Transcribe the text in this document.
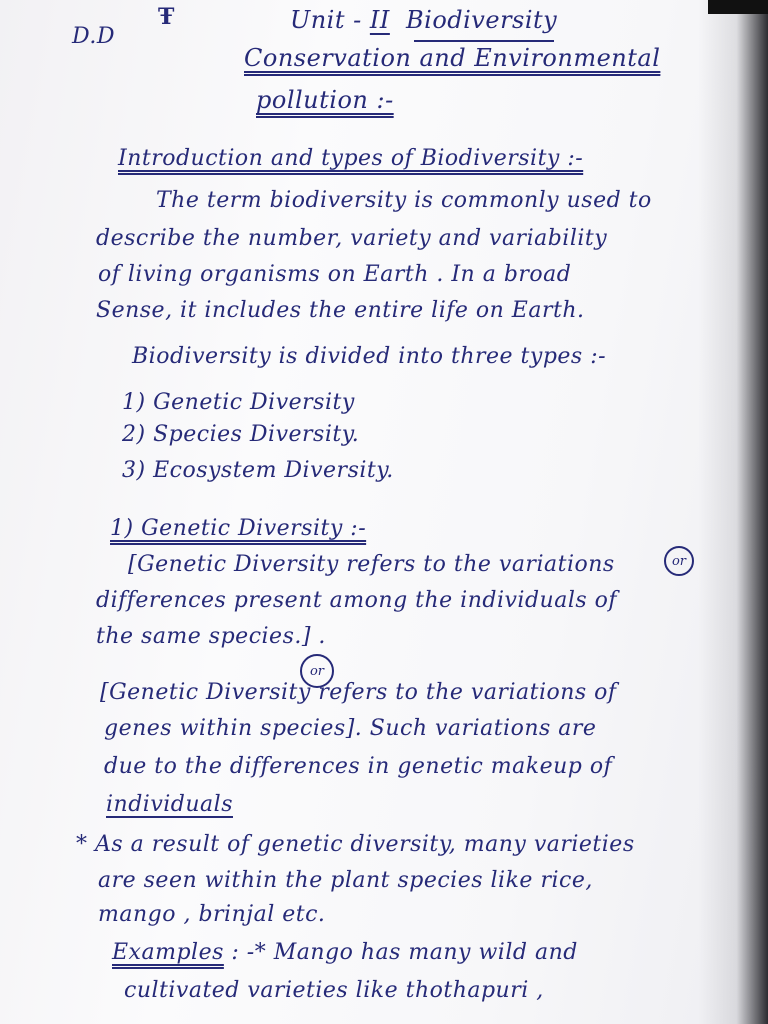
D.D
Ŧ	Unit - II Biodiversity
Conservation and Environmental
pollution :-
Introduction and types of Biodiversity :-
The term biodiversity is commonly used to
describe the number, variety and variability
of living organisms on Earth . In a broad
Sense, it includes the entire life on Earth.
Biodiversity is divided into three types :-
1) Genetic Diversity
2) Species Diversity.
3) Ecosystem Diversity.
1) Genetic Diversity :-
[Genetic Diversity refers to the variations	or
differences present among the individuals of
the same species.] .
or
[Genetic Diversity refers to the variations of
genes within species]. Such variations are
due to the differences in genetic makeup of
individuals
* As a result of genetic diversity, many varieties
are seen within the plant species like rice,
mango , brinjal etc.
Examples : -* Mango has many wild and
cultivated varieties like thothapuri ,
